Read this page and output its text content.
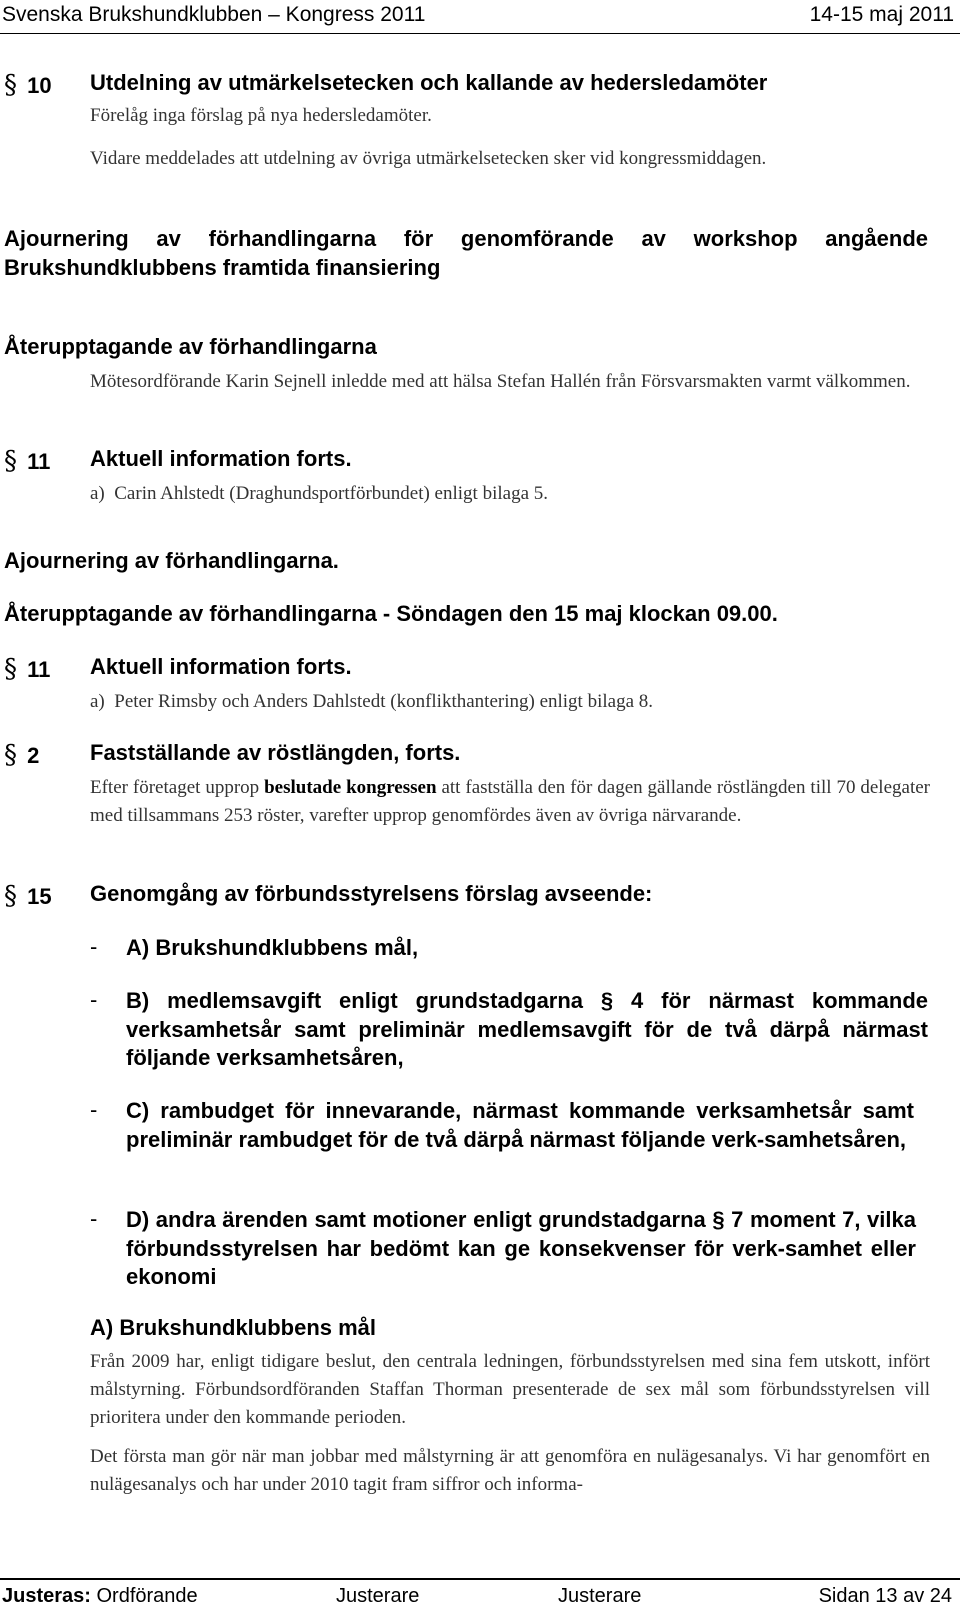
Svenska Brukshundklubben – Kongress 2011	14-15 maj 2011
§ 10 Utdelning av utmärkelsetecken och kallande av hedersledamöter
Förelåg inga förslag på nya hedersledamöter.
Vidare meddelades att utdelning av övriga utmärkelsetecken sker vid kongressmiddagen.
Ajournering av förhandlingarna för genomförande av workshop angående Brukshundklubbens framtida finansiering
Återupptagande av förhandlingarna
Mötesordförande Karin Sejnell inledde med att hälsa Stefan Hallén från Försvarsmakten varmt välkommen.
§ 11 Aktuell information forts.
a)  Carin Ahlstedt (Draghundsportförbundet) enligt bilaga 5.
Ajournering av förhandlingarna.
Återupptagande av förhandlingarna - Söndagen den 15 maj klockan 09.00.
§ 11 Aktuell information forts.
a)  Peter Rimsby och Anders Dahlstedt (konflikthantering) enligt bilaga 8.
§ 2 Fastställande av röstlängden, forts.
Efter företaget upprop beslutade kongressen att fastställa den för dagen gällande röstlängden till 70 delegater med tillsammans 253 röster, varefter upprop genomfördes även av övriga närvarande.
§ 15 Genomgång av förbundsstyrelsens förslag avseende:
- A) Brukshundklubbens mål,
- B) medlemsavgift enligt grundstadgarna § 4 för närmast kommande verksamhetsår samt preliminär medlemsavgift för de två därpå närmast följande verksamhetsåren,
- C) rambudget för innevarande, närmast kommande verksamhetsår samt preliminär rambudget för de två därpå närmast följande verk-samhetsåren,
- D) andra ärenden samt motioner enligt grundstadgarna § 7 moment 7, vilka förbundsstyrelsen har bedömt kan ge konsekvenser för verk-samhet eller ekonomi
A) Brukshundklubbens mål
Från 2009 har, enligt tidigare beslut, den centrala ledningen, förbundsstyrelsen med sina fem utskott, infört målstyrning. Förbundsordföranden Staffan Thorman presenterade de sex mål som förbundsstyrelsen vill prioritera under den kommande perioden.
Det första man gör när man jobbar med målstyrning är att genomföra en nulägesanalys. Vi har genomfört en nulägesanalys och har under 2010 tagit fram siffror och informa-
Justeras: Ordförande	Justerare	Justerare	Sidan 13 av 24
